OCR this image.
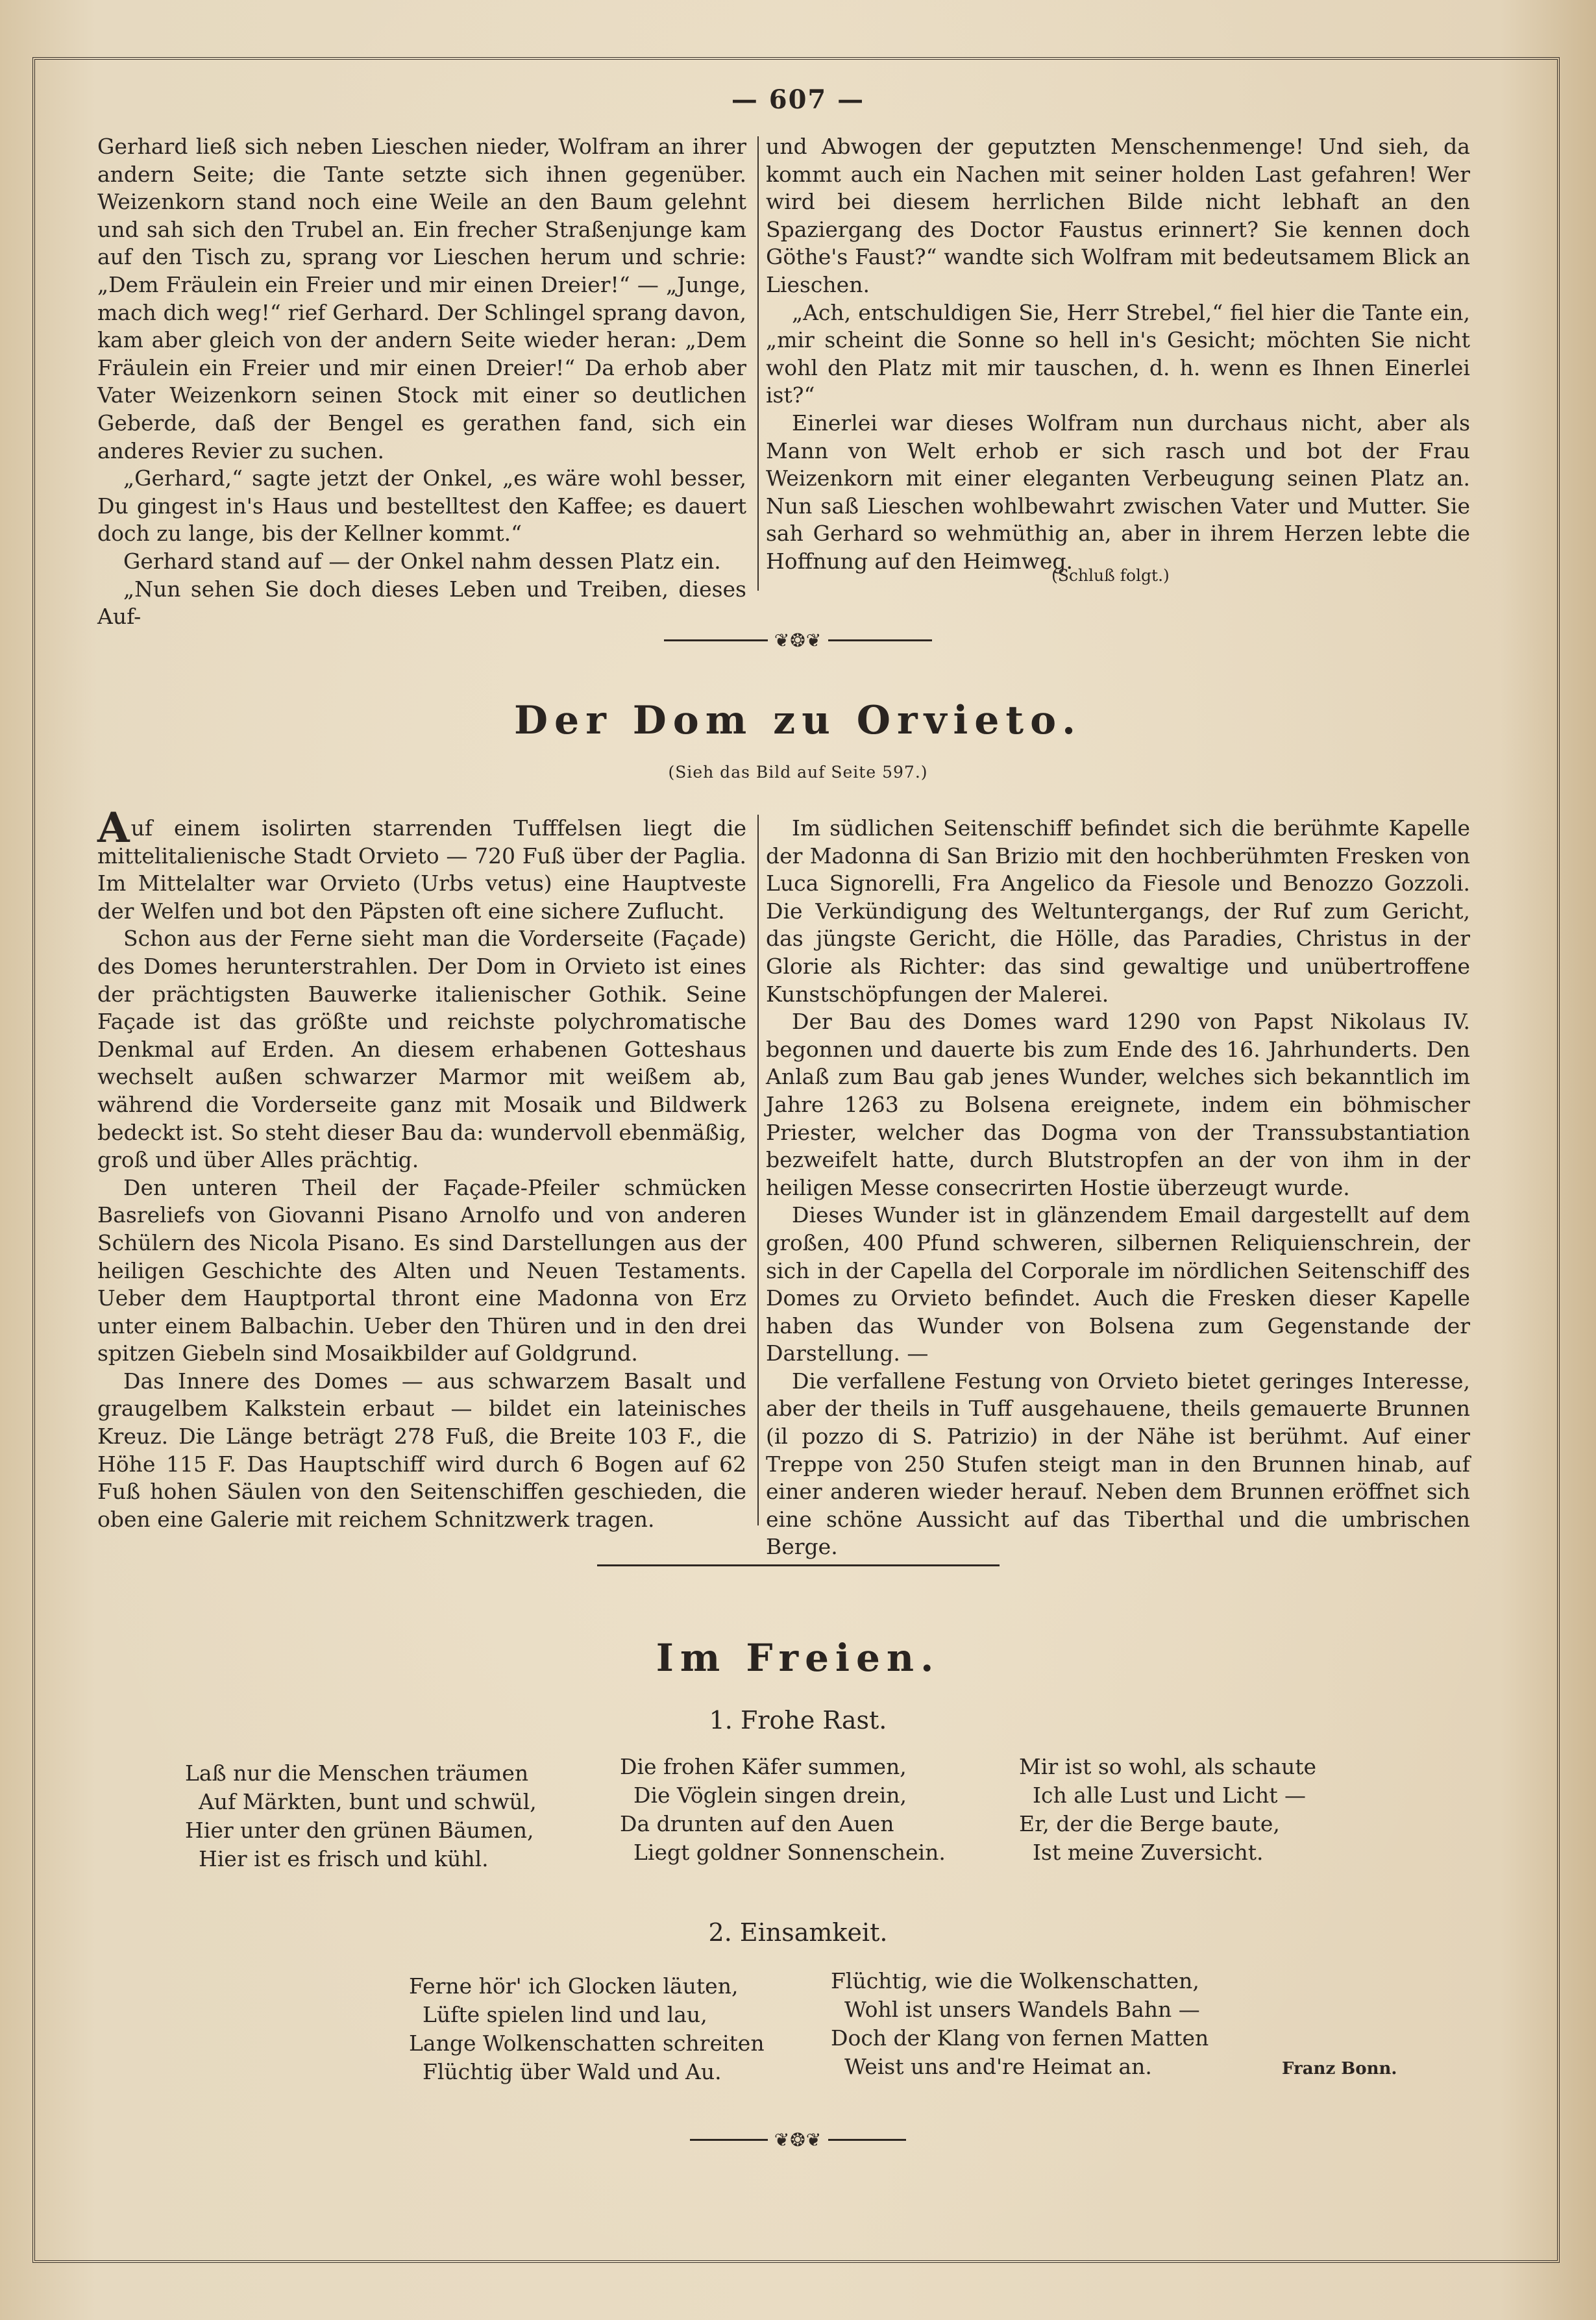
— 607 —

Gerhard ließ sich neben Lieschen nieder, Wolfram an ihrer andern Seite; die Tante setzte sich ihnen gegenüber. Weizenkorn stand noch eine Weile an den Baum gelehnt und sah sich den Trubel an. Ein frecher Straßenjunge kam auf den Tisch zu, sprang vor Lieschen herum und schrie: „Dem Fräulein ein Freier und mir einen Dreier!“ — „Junge, mach dich weg!“ rief Gerhard. Der Schlingel sprang davon, kam aber gleich von der andern Seite wieder heran: „Dem Fräulein ein Freier und mir einen Dreier!“ Da erhob aber Vater Weizenkorn seinen Stock mit einer so deutlichen Geberde, daß der Bengel es gerathen fand, sich ein anderes Revier zu suchen.

„Gerhard,“ sagte jetzt der Onkel, „es wäre wohl besser, Du gingest in's Haus und bestelltest den Kaffee; es dauert doch zu lange, bis der Kellner kommt.“

Gerhard stand auf — der Onkel nahm dessen Platz ein.

„Nun sehen Sie doch dieses Leben und Treiben, dieses Auf-

und Abwogen der geputzten Menschenmenge! Und sieh, da kommt auch ein Nachen mit seiner holden Last gefahren! Wer wird bei diesem herrlichen Bilde nicht lebhaft an den Spaziergang des Doctor Faustus erinnert? Sie kennen doch Göthe's Faust?“ wandte sich Wolfram mit bedeutsamem Blick an Lieschen.

„Ach, entschuldigen Sie, Herr Strebel,“ fiel hier die Tante ein, „mir scheint die Sonne so hell in's Gesicht; möchten Sie nicht wohl den Platz mit mir tauschen, d. h. wenn es Ihnen Einerlei ist?“

Einerlei war dieses Wolfram nun durchaus nicht, aber als Mann von Welt erhob er sich rasch und bot der Frau Weizenkorn mit einer eleganten Verbeugung seinen Platz an. Nun saß Lieschen wohlbewahrt zwischen Vater und Mutter. Sie sah Gerhard so wehmüthig an, aber in ihrem Herzen lebte die Hoffnung auf den Heimweg.

(Schluß folgt.)
❦❂❦
Der Dom zu Orvieto.
(Sieh das Bild auf Seite 597.)

Auf einem isolirten starrenden Tufffelsen liegt die mittelitalienische Stadt Orvieto — 720 Fuß über der Paglia. Im Mittelalter war Orvieto (Urbs vetus) eine Hauptveste der Welfen und bot den Päpsten oft eine sichere Zuflucht.

Schon aus der Ferne sieht man die Vorderseite (Façade) des Domes herunterstrahlen. Der Dom in Orvieto ist eines der prächtigsten Bauwerke italienischer Gothik. Seine Façade ist das größte und reichste polychromatische Denkmal auf Erden. An diesem erhabenen Gotteshaus wechselt außen schwarzer Marmor mit weißem ab, während die Vorderseite ganz mit Mosaik und Bildwerk bedeckt ist. So steht dieser Bau da: wundervoll ebenmäßig, groß und über Alles prächtig.

Den unteren Theil der Façade-Pfeiler schmücken Basreliefs von Giovanni Pisano Arnolfo und von anderen Schülern des Nicola Pisano. Es sind Darstellungen aus der heiligen Geschichte des Alten und Neuen Testaments. Ueber dem Hauptportal thront eine Madonna von Erz unter einem Balbachin. Ueber den Thüren und in den drei spitzen Giebeln sind Mosaikbilder auf Goldgrund.

Das Innere des Domes — aus schwarzem Basalt und graugelbem Kalkstein erbaut — bildet ein lateinisches Kreuz. Die Länge beträgt 278 Fuß, die Breite 103 F., die Höhe 115 F. Das Hauptschiff wird durch 6 Bogen auf 62 Fuß hohen Säulen von den Seitenschiffen geschieden, die oben eine Galerie mit reichem Schnitzwerk tragen.

Im südlichen Seitenschiff befindet sich die berühmte Kapelle der Madonna di San Brizio mit den hochberühmten Fresken von Luca Signorelli, Fra Angelico da Fiesole und Benozzo Gozzoli. Die Verkündigung des Weltuntergangs, der Ruf zum Gericht, das jüngste Gericht, die Hölle, das Paradies, Christus in der Glorie als Richter: das sind gewaltige und unübertroffene Kunstschöpfungen der Malerei.

Der Bau des Domes ward 1290 von Papst Nikolaus IV. begonnen und dauerte bis zum Ende des 16. Jahrhunderts. Den Anlaß zum Bau gab jenes Wunder, welches sich bekanntlich im Jahre 1263 zu Bolsena ereignete, indem ein böhmischer Priester, welcher das Dogma von der Transsubstantiation bezweifelt hatte, durch Blutstropfen an der von ihm in der heiligen Messe consecrirten Hostie überzeugt wurde.

Dieses Wunder ist in glänzendem Email dargestellt auf dem großen, 400 Pfund schweren, silbernen Reliquienschrein, der sich in der Capella del Corporale im nördlichen Seitenschiff des Domes zu Orvieto befindet. Auch die Fresken dieser Kapelle haben das Wunder von Bolsena zum Gegenstande der Darstellung. —

Die verfallene Festung von Orvieto bietet geringes Interesse, aber der theils in Tuff ausgehauene, theils gemauerte Brunnen (il pozzo di S. Patrizio) in der Nähe ist berühmt. Auf einer Treppe von 250 Stufen steigt man in den Brunnen hinab, auf einer anderen wieder herauf. Neben dem Brunnen eröffnet sich eine schöne Aussicht auf das Tiberthal und die umbrischen Berge.

Im Freien.
1. Frohe Rast.
Laß nur die Menschen träumen
Auf Märkten, bunt und schwül,
Hier unter den grünen Bäumen,
Hier ist es frisch und kühl.
Die frohen Käfer summen,
Die Vöglein singen drein,
Da drunten auf den Auen
Liegt goldner Sonnenschein.
Mir ist so wohl, als schaute
Ich alle Lust und Licht —
Er, der die Berge baute,
Ist meine Zuversicht.
2. Einsamkeit.
Ferne hör' ich Glocken läuten,
Lüfte spielen lind und lau,
Lange Wolkenschatten schreiten
Flüchtig über Wald und Au.
Flüchtig, wie die Wolkenschatten,
Wohl ist unsers Wandels Bahn —
Doch der Klang von fernen Matten
Weist uns and're Heimat an.	Franz Bonn.
❦❂❦
